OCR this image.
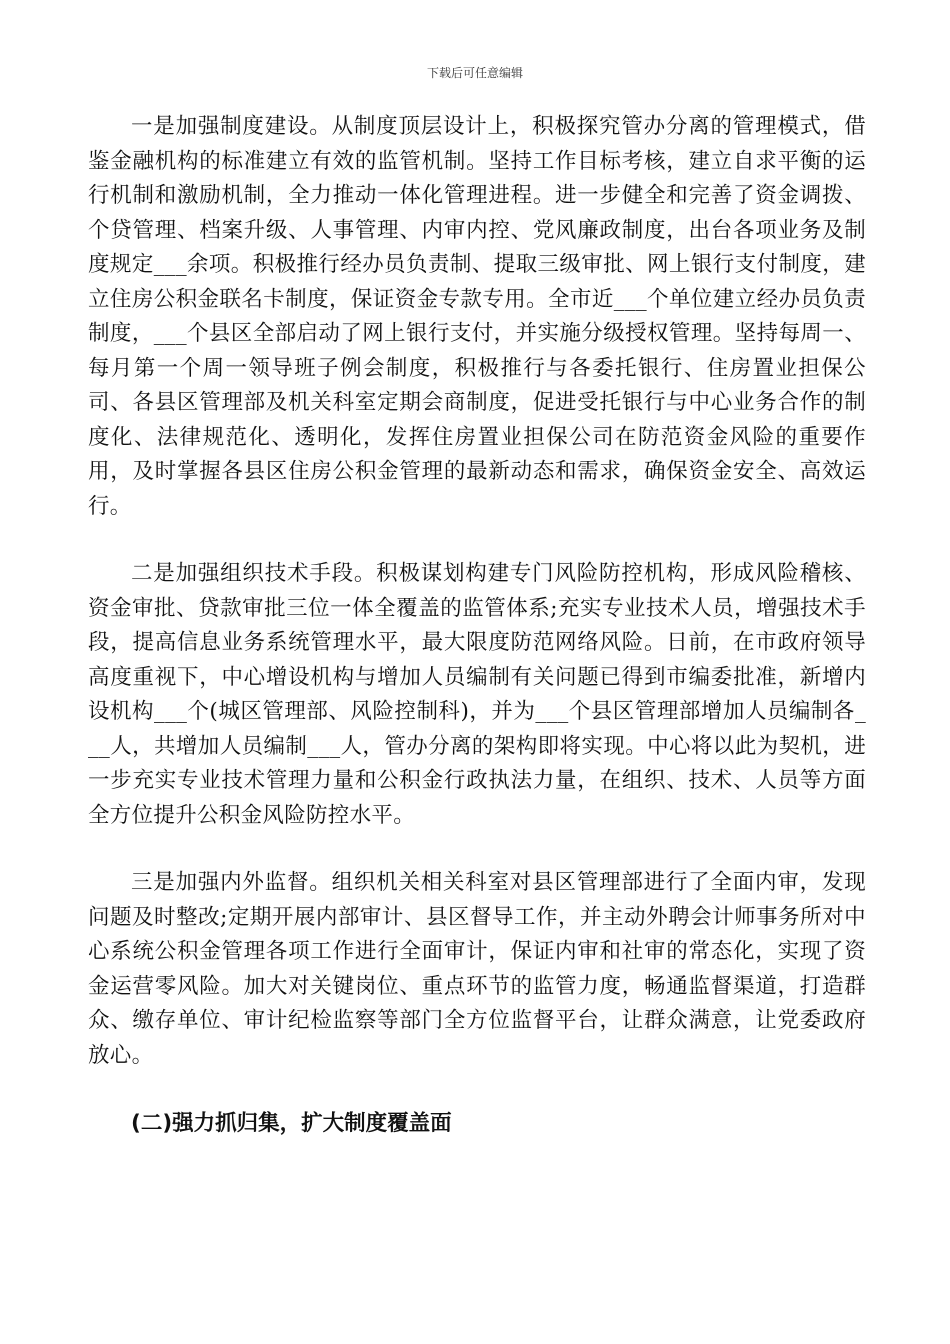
下载后可任意编辑

一是加强制度建设。从制度顶层设计上，积极探究管办分离的管理模式，借鉴金融机构的标准建立有效的监管机制。坚持工作目标考核，建立自求平衡的运行机制和激励机制，全力推动一体化管理进程。进一步健全和完善了资金调拨、个贷管理、档案升级、人事管理、内审内控、党风廉政制度，出台各项业务及制度规定___余项。积极推行经办员负责制、提取三级审批、网上银行支付制度，建立住房公积金联名卡制度，保证资金专款专用。全市近___个单位建立经办员负责制度，___个县区全部启动了网上银行支付，并实施分级授权管理。坚持每周一、每月第一个周一领导班子例会制度，积极推行与各委托银行、住房置业担保公司、各县区管理部及机关科室定期会商制度，促进受托银行与中心业务合作的制度化、法律规范化、透明化，发挥住房置业担保公司在防范资金风险的重要作用，及时掌握各县区住房公积金管理的最新动态和需求，确保资金安全、高效运行。

二是加强组织技术手段。积极谋划构建专门风险防控机构，形成风险稽核、资金审批、贷款审批三位一体全覆盖的监管体系;充实专业技术人员，增强技术手段，提高信息业务系统管理水平，最大限度防范网络风险。日前，在市政府领导高度重视下，中心增设机构与增加人员编制有关问题已得到市编委批准，新增内设机构___个(城区管理部、风险控制科)，并为___个县区管理部增加人员编制各___人，共增加人员编制___人，管办分离的架构即将实现。中心将以此为契机，进一步充实专业技术管理力量和公积金行政执法力量，在组织、技术、人员等方面全方位提升公积金风险防控水平。

三是加强内外监督。组织机关相关科室对县区管理部进行了全面内审，发现问题及时整改;定期开展内部审计、县区督导工作，并主动外聘会计师事务所对中心系统公积金管理各项工作进行全面审计，保证内审和社审的常态化，实现了资金运营零风险。加大对关键岗位、重点环节的监管力度，畅通监督渠道，打造群众、缴存单位、审计纪检监察等部门全方位监督平台，让群众满意，让党委政府放心。

(二)强力抓归集，扩大制度覆盖面
